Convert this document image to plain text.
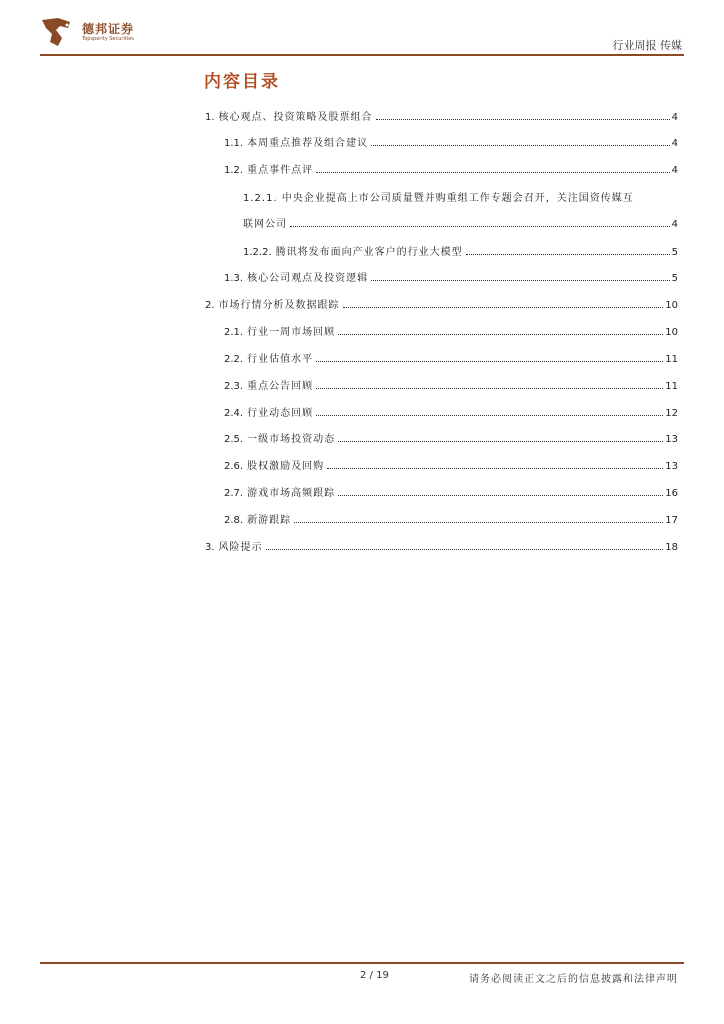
德邦证券
Topsperity Securities	行业周报 传媒
内容目录
1. 核心观点、投资策略及股票组合	4
1.1. 本周重点推荐及组合建议	4
1.2. 重点事件点评	4
1.2.1. 中央企业提高上市公司质量暨并购重组工作专题会召开，关注国资传媒互
联网公司	4
1.2.2. 腾讯将发布面向产业客户的行业大模型	5
1.3. 核心公司观点及投资逻辑	5
2. 市场行情分析及数据跟踪	10
2.1. 行业一周市场回顾	10
2.2. 行业估值水平	11
2.3. 重点公告回顾	11
2.4. 行业动态回顾	12
2.5. 一级市场投资动态	13
2.6. 股权激励及回购	13
2.7. 游戏市场高频跟踪	16
2.8. 新游跟踪	17
3. 风险提示	18
2 / 19	请务必阅读正文之后的信息披露和法律声明
